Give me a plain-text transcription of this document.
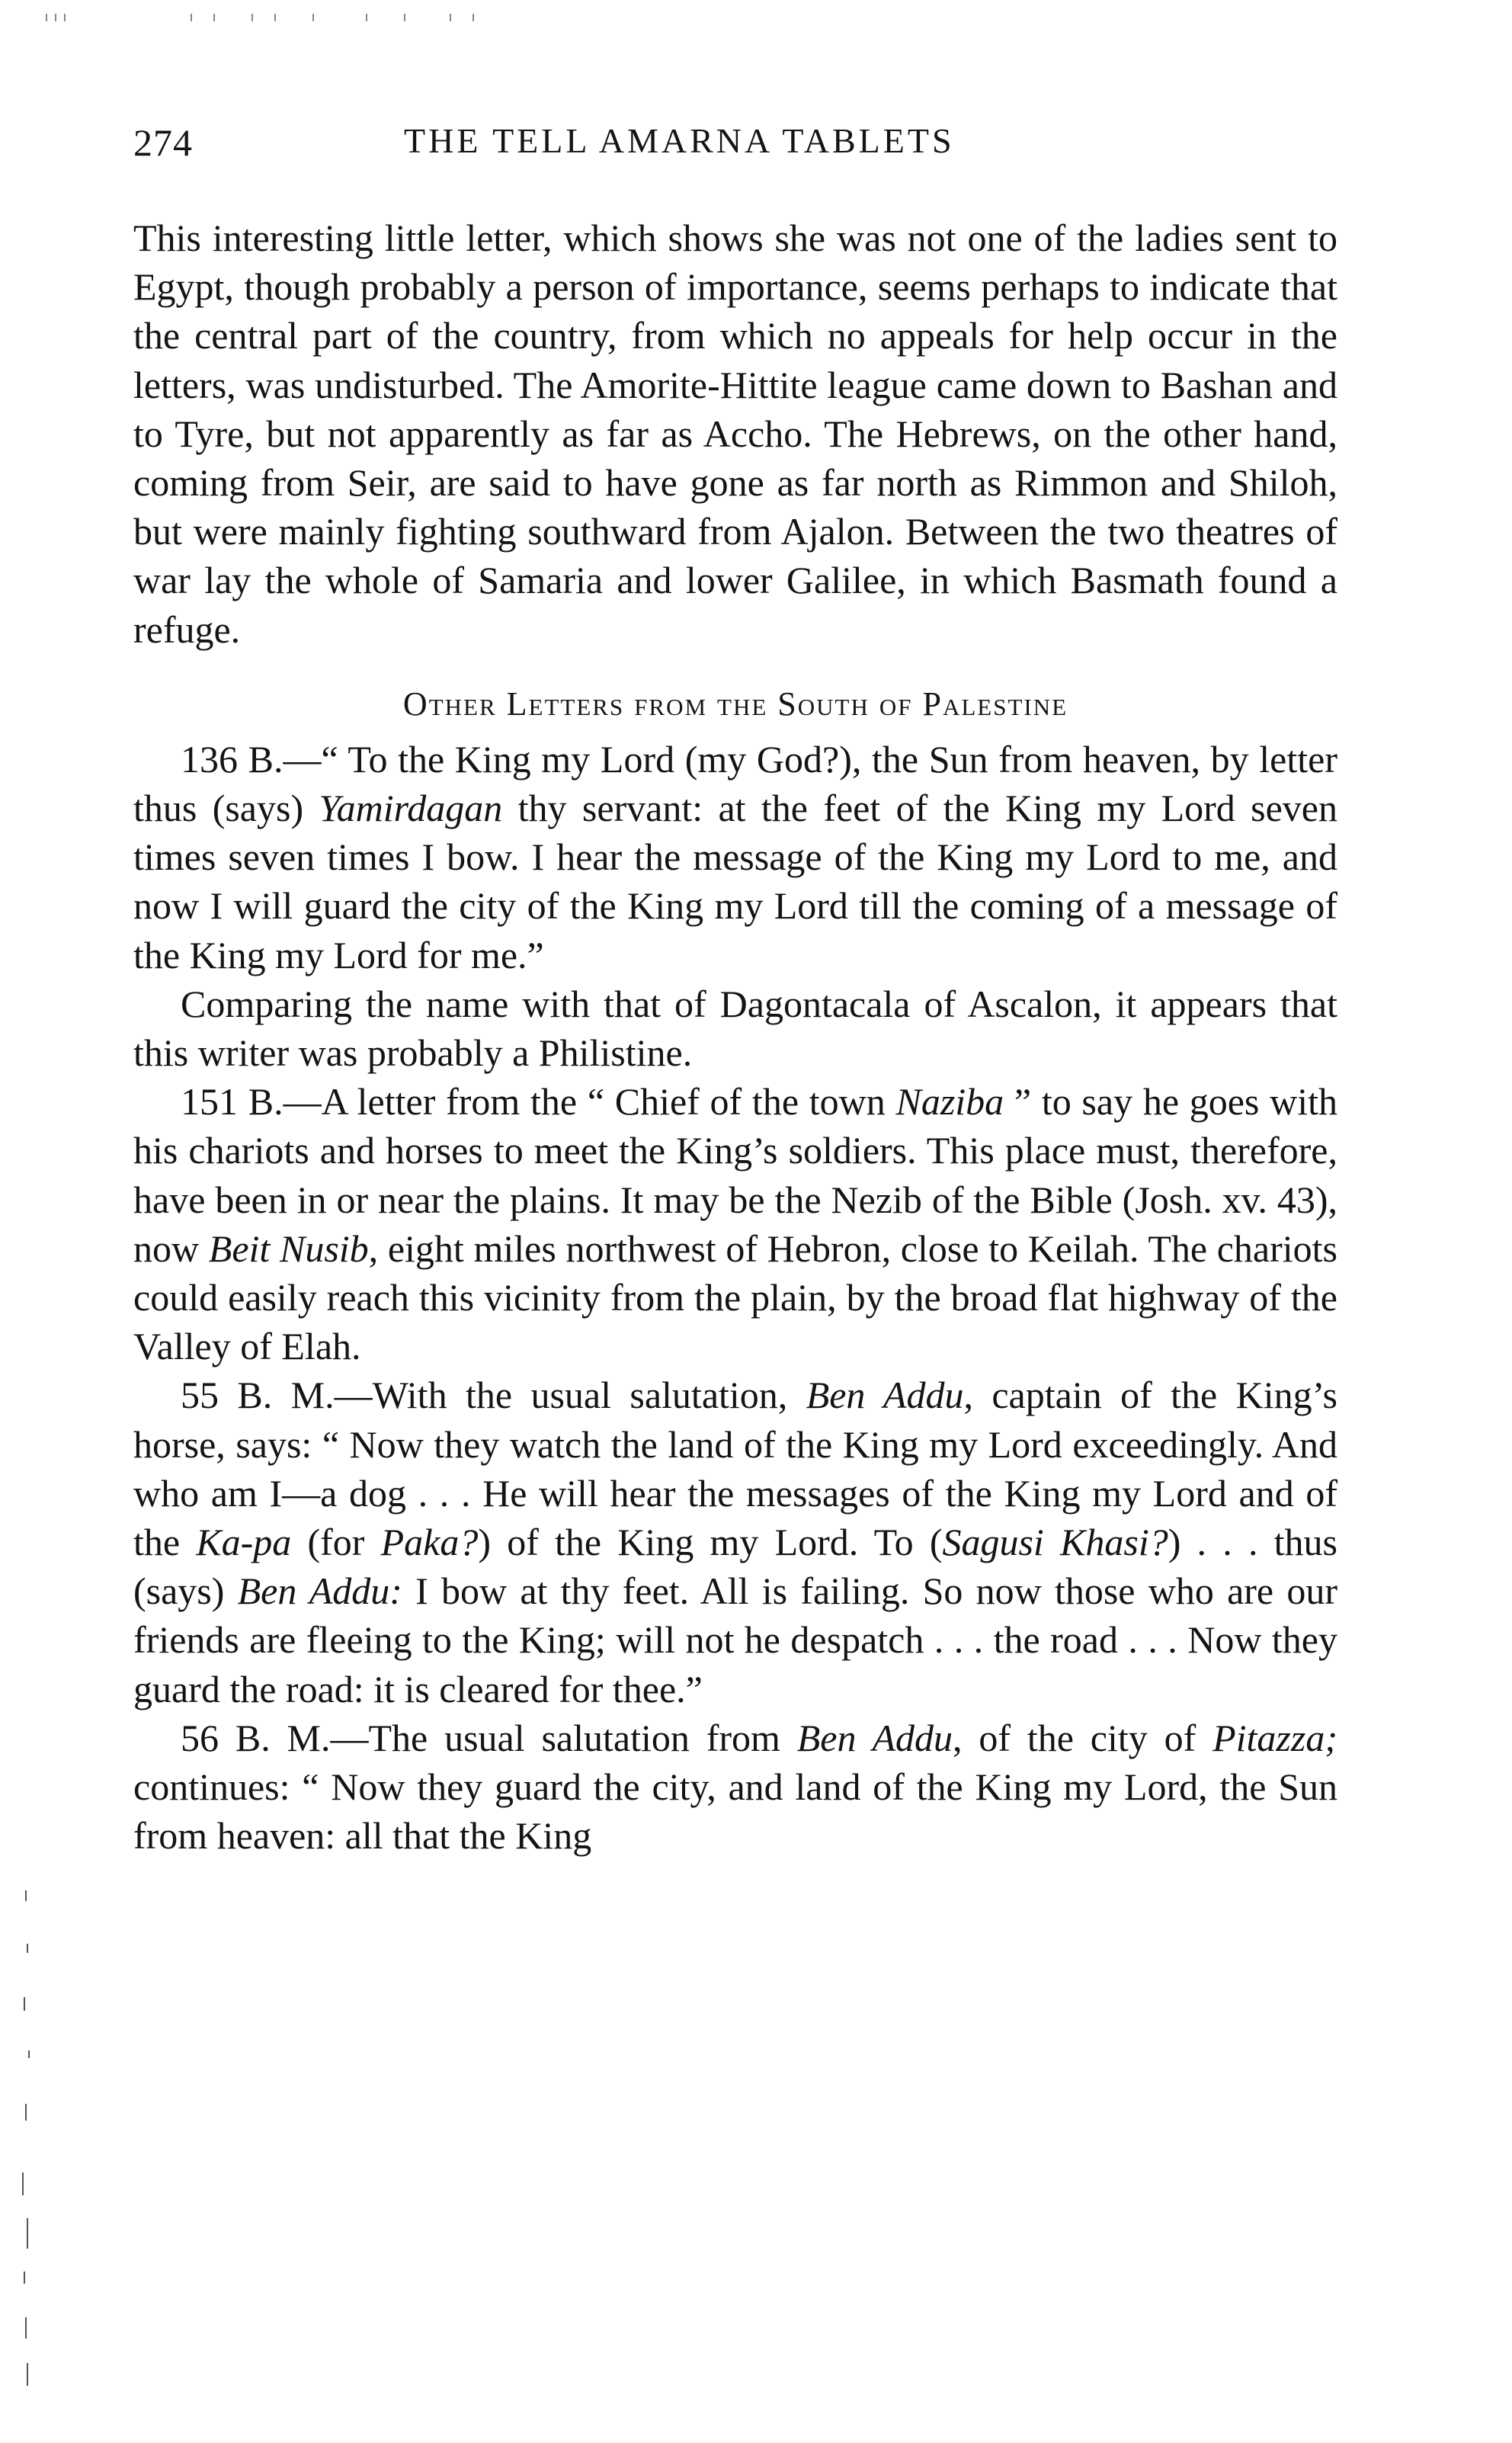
274	THE TELL AMARNA TABLETS

This interesting little letter, which shows she was not one of the ladies sent to Egypt, though probably a person of importance, seems perhaps to indicate that the central part of the country, from which no appeals for help occur in the letters, was undisturbed. The Amorite-Hittite league came down to Bashan and to Tyre, but not apparently as far as Accho. The Hebrews, on the other hand, coming from Seir, are said to have gone as far north as Rimmon and Shiloh, but were mainly fighting southward from Ajalon. Between the two theatres of war lay the whole of Samaria and lower Galilee, in which Basmath found a refuge.

Other Letters from the South of Palestine

136 B.—“ To the King my Lord (my God?), the Sun from heaven, by letter thus (says) Yamirdagan thy servant: at the feet of the King my Lord seven times seven times I bow. I hear the message of the King my Lord to me, and now I will guard the city of the King my Lord till the coming of a message of the King my Lord for me.”

Comparing the name with that of Dagontacala of Ascalon, it appears that this writer was probably a Philistine.

151 B.—A letter from the “ Chief of the town Naziba ” to say he goes with his chariots and horses to meet the King’s soldiers. This place must, therefore, have been in or near the plains. It may be the Nezib of the Bible (Josh. xv. 43), now Beit Nusib, eight miles northwest of Hebron, close to Keilah. The chariots could easily reach this vicinity from the plain, by the broad flat highway of the Valley of Elah.

55 B. M.—With the usual salutation, Ben Addu, captain of the King’s horse, says: “ Now they watch the land of the King my Lord exceedingly. And who am I—a dog . . . He will hear the messages of the King my Lord and of the Ka-pa (for Paka?) of the King my Lord. To (Sagusi Khasi?) . . . thus (says) Ben Addu: I bow at thy feet. All is failing. So now those who are our friends are fleeing to the King; will not he despatch . . . the road . . . Now they guard the road: it is cleared for thee.”

56 B. M.—The usual salutation from Ben Addu, of the city of Pitazza; continues: “ Now they guard the city, and land of the King my Lord, the Sun from heaven: all that the King
